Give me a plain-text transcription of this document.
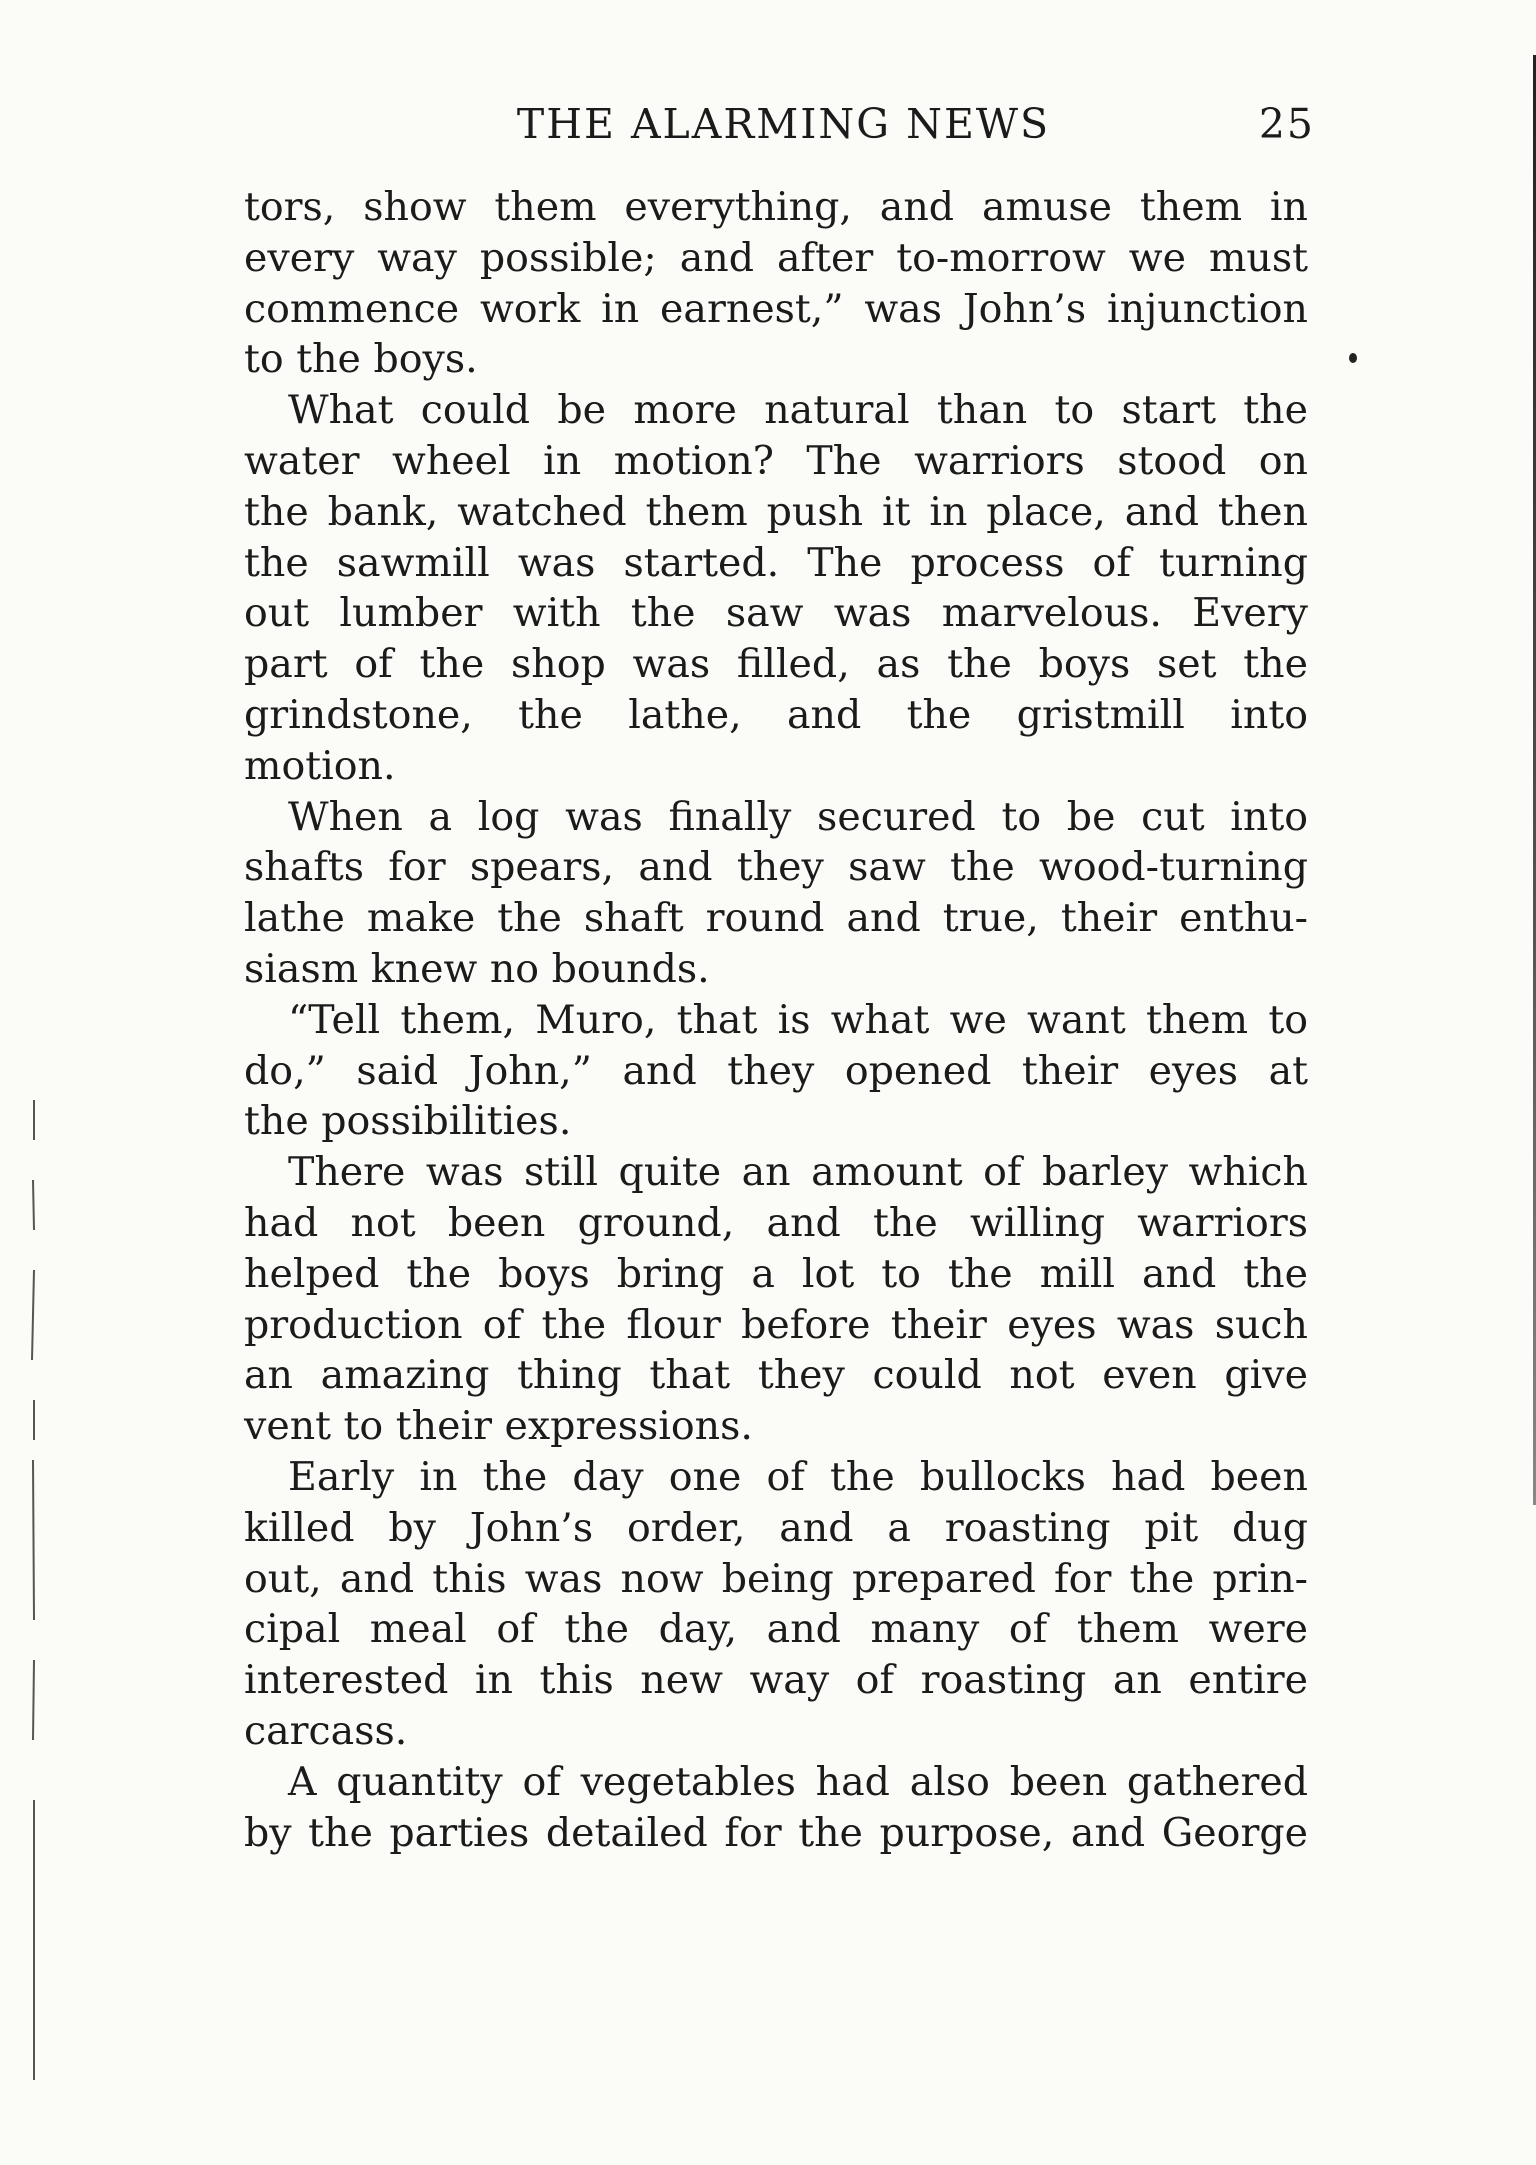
THE ALARMING NEWS	25
tors, show them everything, and amuse them in
every way possible; and after to-morrow we must
commence work in earnest,” was John’s injunction
to the boys.
What could be more natural than to start the
water wheel in motion? The warriors stood on
the bank, watched them push it in place, and then
the sawmill was started. The process of turning
out lumber with the saw was marvelous. Every
part of the shop was filled, as the boys set the
grindstone, the lathe, and the gristmill into
motion.
When a log was finally secured to be cut into
shafts for spears, and they saw the wood-turning
lathe make the shaft round and true, their enthu-
siasm knew no bounds.
“Tell them, Muro, that is what we want them to
do,” said John,” and they opened their eyes at
the possibilities.
There was still quite an amount of barley which
had not been ground, and the willing warriors
helped the boys bring a lot to the mill and the
production of the flour before their eyes was such
an amazing thing that they could not even give
vent to their expressions.
Early in the day one of the bullocks had been
killed by John’s order, and a roasting pit dug
out, and this was now being prepared for the prin-
cipal meal of the day, and many of them were
interested in this new way of roasting an entire
carcass.
A quantity of vegetables had also been gathered
by the parties detailed for the purpose, and George
